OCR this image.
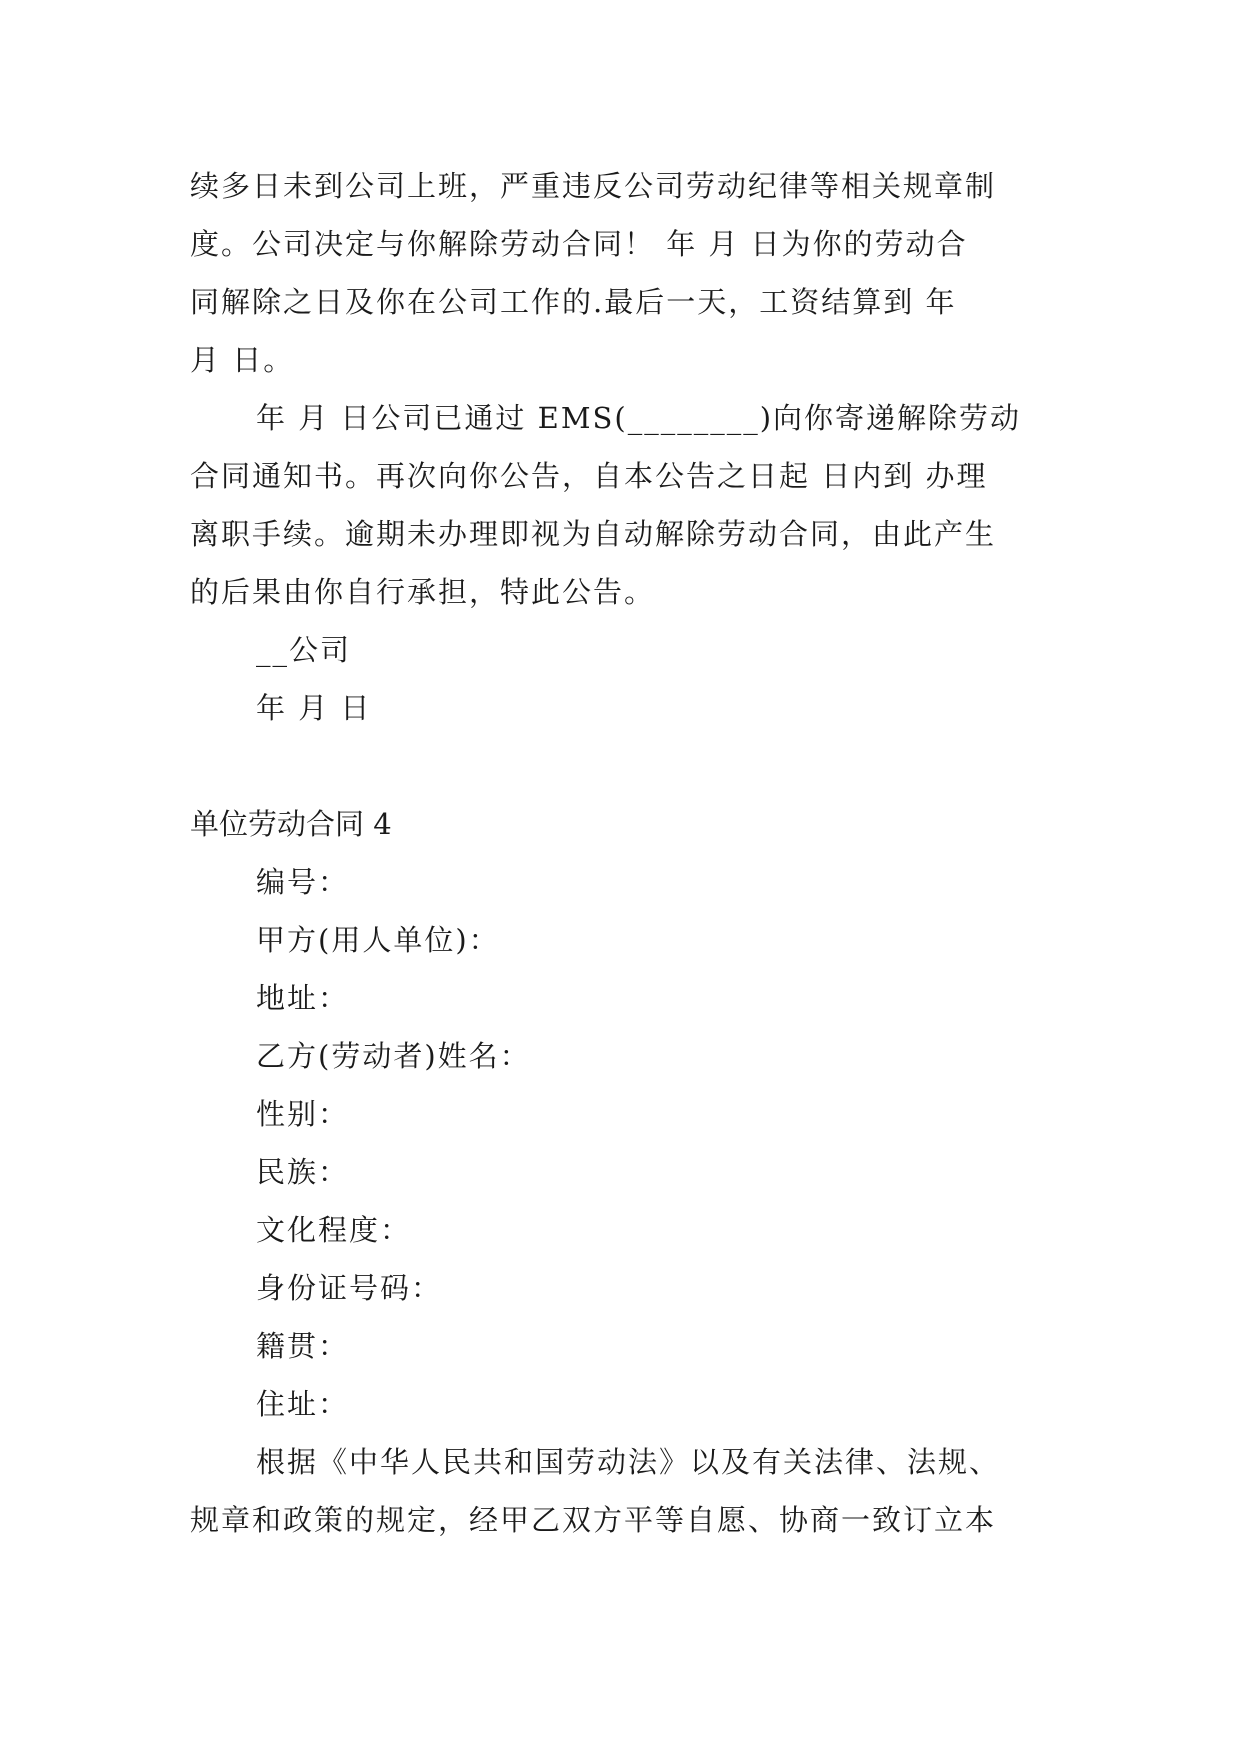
续多日未到公司上班，严重违反公司劳动纪律等相关规章制
度。公司决定与你解除劳动合同！ 年 月 日为你的劳动合
同解除之日及你在公司工作的.最后一天，工资结算到 年
月 日。
年 月 日公司已通过 EMS(________)向你寄递解除劳动
合同通知书。再次向你公告，自本公告之日起 日内到 办理
离职手续。逾期未办理即视为自动解除劳动合同，由此产生
的后果由你自行承担，特此公告。
__公司
年 月 日
单位劳动合同 4
编号：
甲方(用人单位)：
地址：
乙方(劳动者)姓名：
性别：
民族：
文化程度：
身份证号码：
籍贯：
住址：
根据《中华人民共和国劳动法》以及有关法律、法规、
规章和政策的规定，经甲乙双方平等自愿、协商一致订立本
